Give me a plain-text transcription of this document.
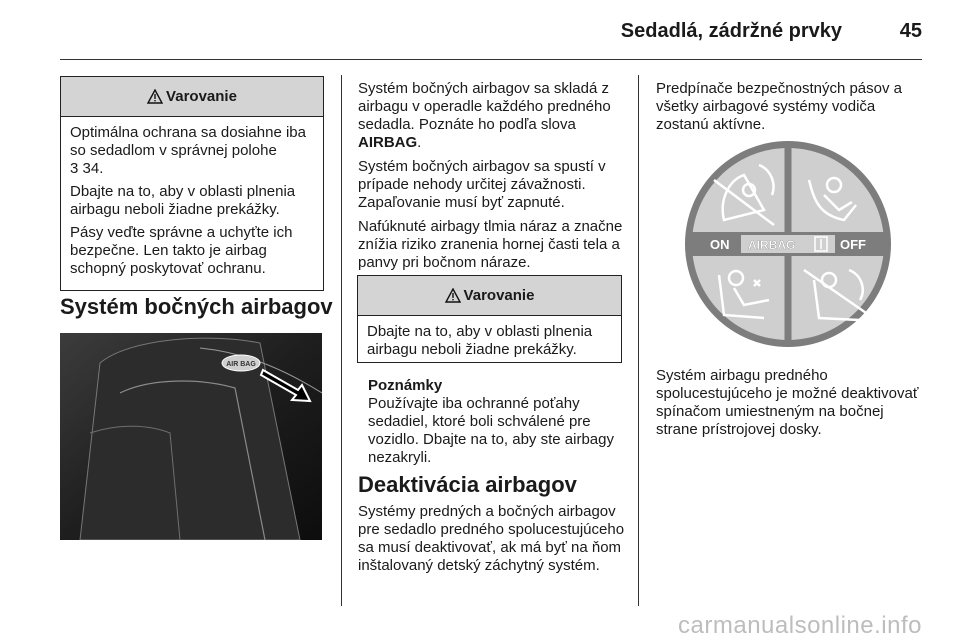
Sedadlá, zádržné prvky	45
Varovanie

Optimálna ochrana sa dosiahne iba so sedadlom v správnej polohe
3 34.

Dbajte na to, aby v oblasti plnenia airbagu neboli žiadne prekážky.

Pásy veďte správne a uchyťte ich bezpečne. Len takto je airbag schopný poskytovať ochranu.

Systém bočných airbagov
AIR BAG

Systém bočných airbagov sa skladá z airbagu v operadle každého predného sedadla. Poznáte ho podľa slova AIRBAG.

Systém bočných airbagov sa spustí v prípade nehody určitej závažnosti. Zapaľovanie musí byť zapnuté.

Nafúknuté airbagy tlmia náraz a značne znížia riziko zranenia hornej časti tela a panvy pri bočnom náraze.

Varovanie

Dbajte na to, aby v oblasti plnenia airbagu neboli žiadne prekážky.

Poznámky

Používajte iba ochranné poťahy sedadiel, ktoré boli schválené pre vozidlo. Dbajte na to, aby ste airbagy nezakryli.

Deaktivácia airbagov

Systémy predných a bočných airbagov pre sedadlo predného spolucestujúceho sa musí deaktivovať, ak má byť na ňom inštalovaný detský záchytný systém.

Predpínače bezpečnostných pásov a všetky airbagové systémy vodiča zostanú aktívne.

ON AIRBAG	OFF

Systém airbagu predného spolucestujúceho je možné deaktivovať spínačom umiestneným na bočnej strane prístrojovej dosky.

carmanualsonline.info
